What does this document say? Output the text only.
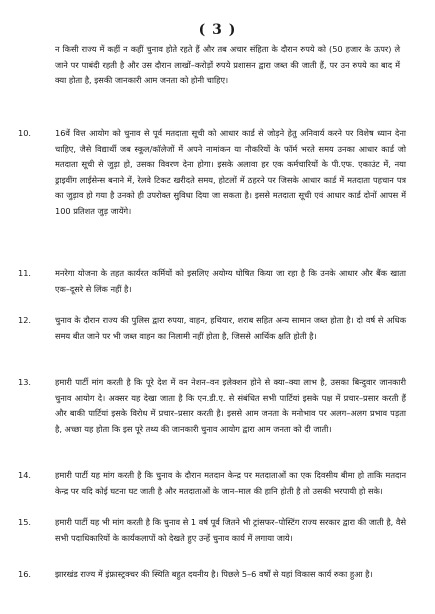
( 3 )
न किसी राज्य में कहीं न कहीं चुनाव होते रहते हैं और तब अचार संहिता के दौरान रुपये को (50 हजार के ऊपर) ले जाने पर पाबंदी रहती है और उस दौरान लाखों–करोड़ों रुपये प्रशासन द्वारा जब्त की जाती हैं, पर उन रुपये का बाद में क्या होता है, इसकी जानकारी आम जनता को होनी चाहिए।
10.	16वें वित्त आयोग को चुनाव से पूर्व मतदाता सूची को आधार कार्ड से जोड़ने हेतु अनिवार्य करने पर विशेष ध्यान देना चाहिए, जैसे विद्यार्थी जब स्कूल/कॉलेजों में अपने नामांकन या नौकरियों के फॉर्म भरते समय उनका आधार कार्ड जो मतदाता सूची से जुड़ा हो, उसका विवरण देना होगा। इसके अलावा हर एक कर्मचारियों के पी.एफ. एकाउंट में, नया ड्राइवींग लाईसेन्स बनाने में, रेलवे टिकट खरीदते समय, होटलों में ठहरने पर जिसके आधार कार्ड में मतदाता पहचान पत्र का जुड़ाव हो गया है उनको ही उपरोक्त सुविधा दिया जा सकता है। इससे मतदाता सूची एवं आधार कार्ड दोनों आपस में 100 प्रतिशत जुड़ जायेंगे।
11.	मनरेगा योजना के तहत कार्यरत कर्मियों को इसलिए अयोग्य घोषित किया जा रहा है कि उनके आधार और बैंक खाता एक–दूसरे से लिंक नहीं है।
12.	चुनाव के दौरान राज्य की पुलिस द्वारा रुपया, वाहन, हथियार, शराब सहित अन्य सामान जब्त होता है। दो वर्ष से अधिक समय बीत जाने पर भी जब्त वाहन का निलामी नहीं होता है, जिससे आर्थिक क्षति होती है।
13.	हमारी पार्टी मांग करती है कि पूरे देश में वन नेशन–वन इलेक्शन होने से क्या–क्या लाभ है, उसका बिन्दुवार जानकारी चुनाव आयोग दे। अक्सर यह देखा जाता है कि एन.डी.ए. से संबंधित सभी पार्टियां इसके पक्ष में प्रचार–प्रसार करती हैं और बाकी पार्टियां इसके विरोध में प्रचार–प्रसार करती है। इससे आम जनता के मनोभाव पर अलग–अलग प्रभाव पड़ता है, अच्छा यह होता कि इस पूरे तथ्य की जानकारी चुनाव आयोग द्वारा आम जनता को दी जाती।
14.	हमारी पार्टी यह मांग करती है कि चुनाव के दौरान मतदान केन्द्र पर मतदाताओं का एक दिवसीय बीमा हो ताकि मतदान केन्द्र पर यदि कोई घटना घट जाती है और मतदाताओं के जान–माल की हानि होती है तो उसकी भरपायी हो सके।
15.	हमारी पार्टी यह भी मांग करती है कि चुनाव से 1 वर्ष पूर्व जितने भी ट्रांसफर–पोस्टिंग राज्य सरकार द्वारा की जाती है, वैसे सभी पदाधिकारियों के कार्यकलापों को देखते हुए उन्हें चुनाव कार्य में लगाया जाये।
16.	झारखंड राज्य में इंफ्रास्ट्रक्चर की स्थिति बहुत दयनीय है। पिछले 5–6 वर्षों से यहां विकास कार्य रुका हुआ है।
